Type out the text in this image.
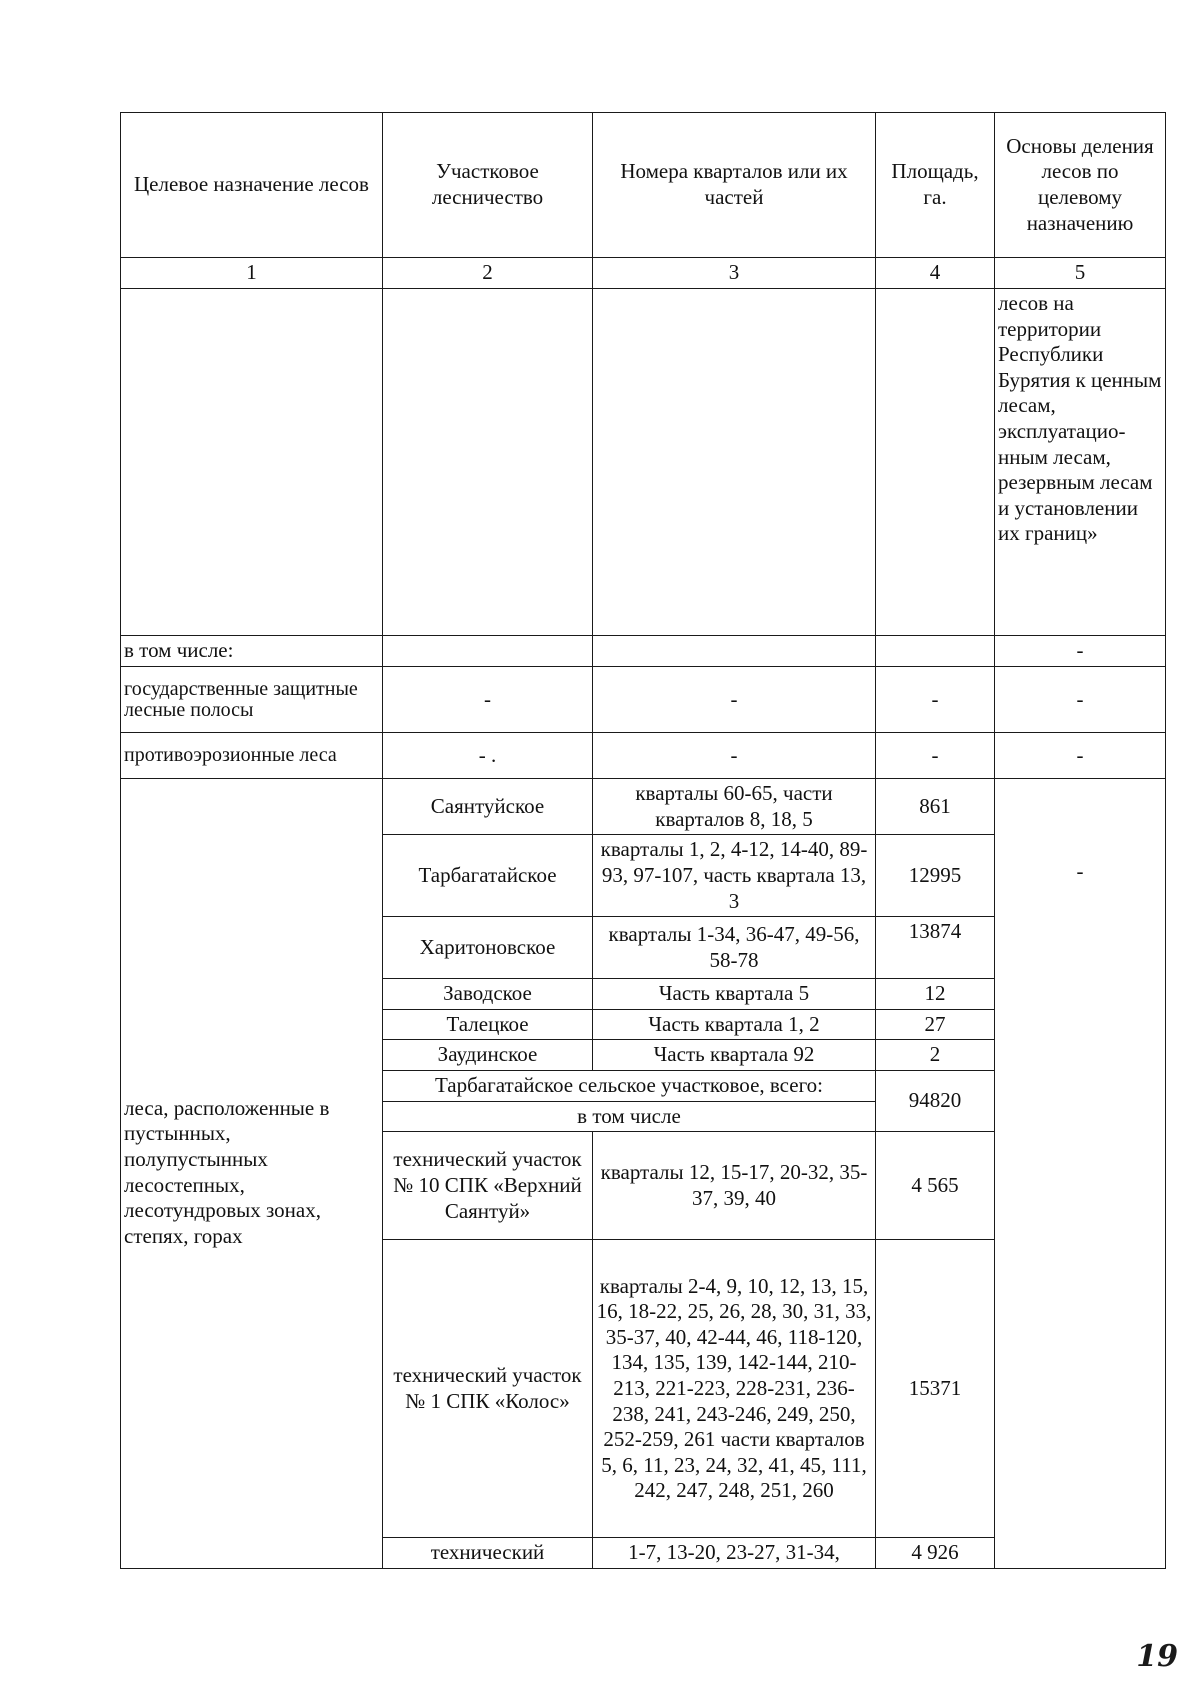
Целевое назначение лесов	Участковое лесничество	Номера кварталов или их частей	Площадь, га.	Основы деления лесов по целевому назначению
1	2	3	4	5
				лесов на территории Республики Бурятия к ценным лесам, эксплуатацио-нным лесам, резервным лесам и установлении их границ»
в том числе:				-
государственные защитные лесные полосы	-	-	-	-
противоэрозионные леса	- .	-	-	-
леса, расположенные в пустынных, полупустынных лесостепных, лесотундровых зонах, степях, горах	Саянтуйское	кварталы 60-65, части кварталов 8, 18, 5	861	-
	Тарбагатайское	кварталы 1, 2, 4-12, 14-40, 89-93, 97-107, часть квартала 13, 3	12995	
	Харитоновское	кварталы 1-34, 36-47, 49-56, 58-78	13874	
	Заводское	Часть квартала 5	12	
	Талецкое	Часть квартала 1, 2	27	
	Заудинское	Часть квартала 92	2	
	Тарбагатайское сельское участковое, всего:		94820	
	в том числе			
	технический участок № 10 СПК «Верхний Саянтуй»	кварталы 12, 15-17, 20-32, 35-37, 39, 40	4 565	
	технический участок № 1 СПК «Колос»	кварталы 2-4, 9, 10, 12, 13, 15, 16, 18-22, 25, 26, 28, 30, 31, 33, 35-37, 40, 42-44, 46, 118-120, 134, 135, 139, 142-144, 210-213, 221-223, 228-231, 236-238, 241, 243-246, 249, 250, 252-259, 261 части кварталов 5, 6, 11, 23, 24, 32, 41, 45, 111, 242, 247, 248, 251, 260	15371	
	технический	1-7, 13-20, 23-27, 31-34,	4 926	

19
